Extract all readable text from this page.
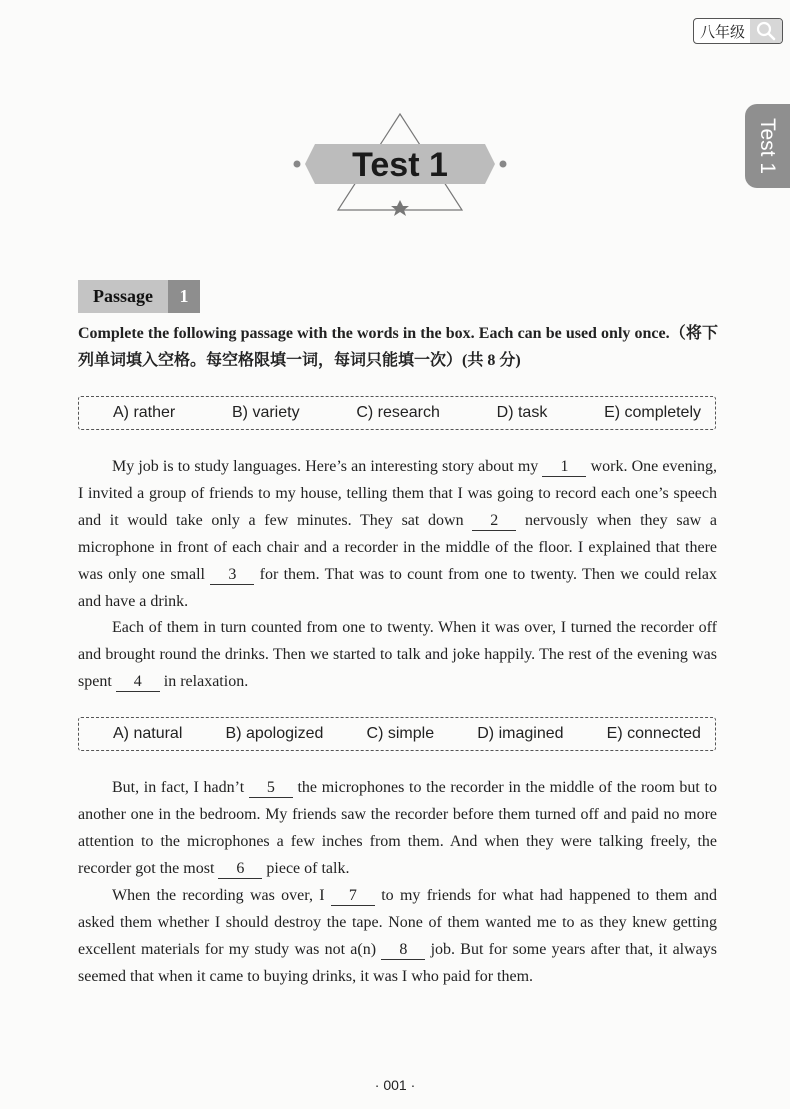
八年级
Test 1
Test 1
Passage	1
Complete the following passage with the words in the box. Each can be used only once.（将下列单词填入空格。每空格限填一词，每词只能填一次）(共 8 分)
A) rather	B) variety	C) research	D) task	E) completely

My job is to study languages. Here’s an interesting story about my 1 work. One evening, I invited a group of friends to my house, telling them that I was going to record each one’s speech and it would take only a few minutes. They sat down 2 nervously when they saw a microphone in front of each chair and a recorder in the middle of the floor. I explained that there was only one small 3 for them. That was to count from one to twenty. Then we could relax and have a drink.

Each of them in turn counted from one to twenty. When it was over, I turned the recorder off and brought round the drinks. Then we started to talk and joke happily. The rest of the evening was spent 4 in relaxation.

A) natural	B) apologized	C) simple	D) imagined	E) connected

But, in fact, I hadn’t 5 the microphones to the recorder in the middle of the room but to another one in the bedroom. My friends saw the recorder before them turned off and paid no more attention to the microphones a few inches from them. And when they were talking freely, the recorder got the most 6 piece of talk.

When the recording was over, I 7 to my friends for what had happened to them and asked them whether I should destroy the tape. None of them wanted me to as they knew getting excellent materials for my study was not a(n) 8 job. But for some years after that, it always seemed that when it came to buying drinks, it was I who paid for them.

· 001 ·
